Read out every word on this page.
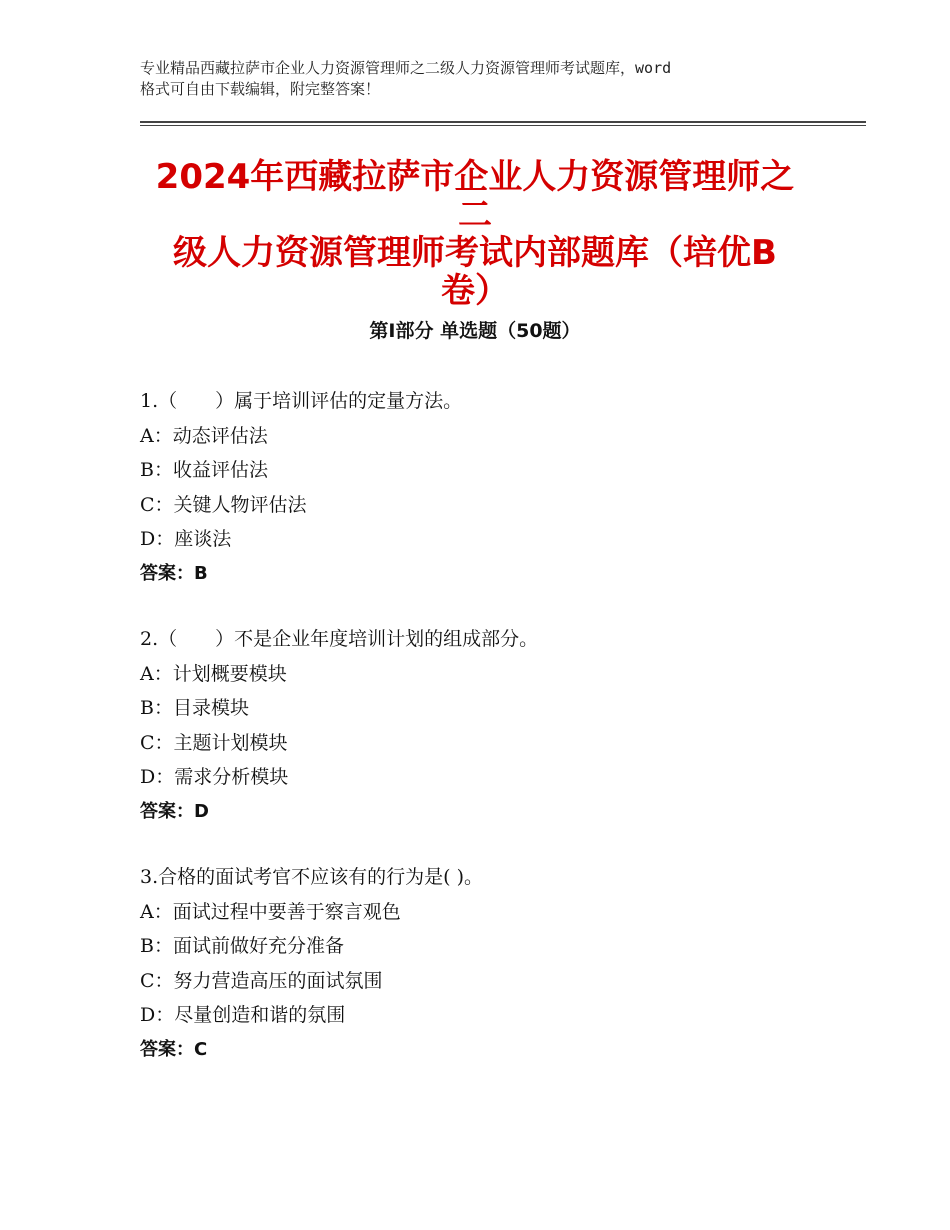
专业精品西藏拉萨市企业人力资源管理师之二级人力资源管理师考试题库，word
格式可自由下载编辑，附完整答案！
2024年西藏拉萨市企业人力资源管理师之二
级人力资源管理师考试内部题库（培优B
卷）
第Ⅰ部分 单选题（50题）
1.（　　）属于培训评估的定量方法。
A：动态评估法
B：收益评估法
C：关键人物评估法
D：座谈法
答案：B
2.（　　）不是企业年度培训计划的组成部分。
A：计划概要模块
B：目录模块
C：主题计划模块
D：需求分析模块
答案：D
3.合格的面试考官不应该有的行为是( )。
A：面试过程中要善于察言观色
B：面试前做好充分准备
C：努力营造高压的面试氛围
D：尽量创造和谐的氛围
答案：C
